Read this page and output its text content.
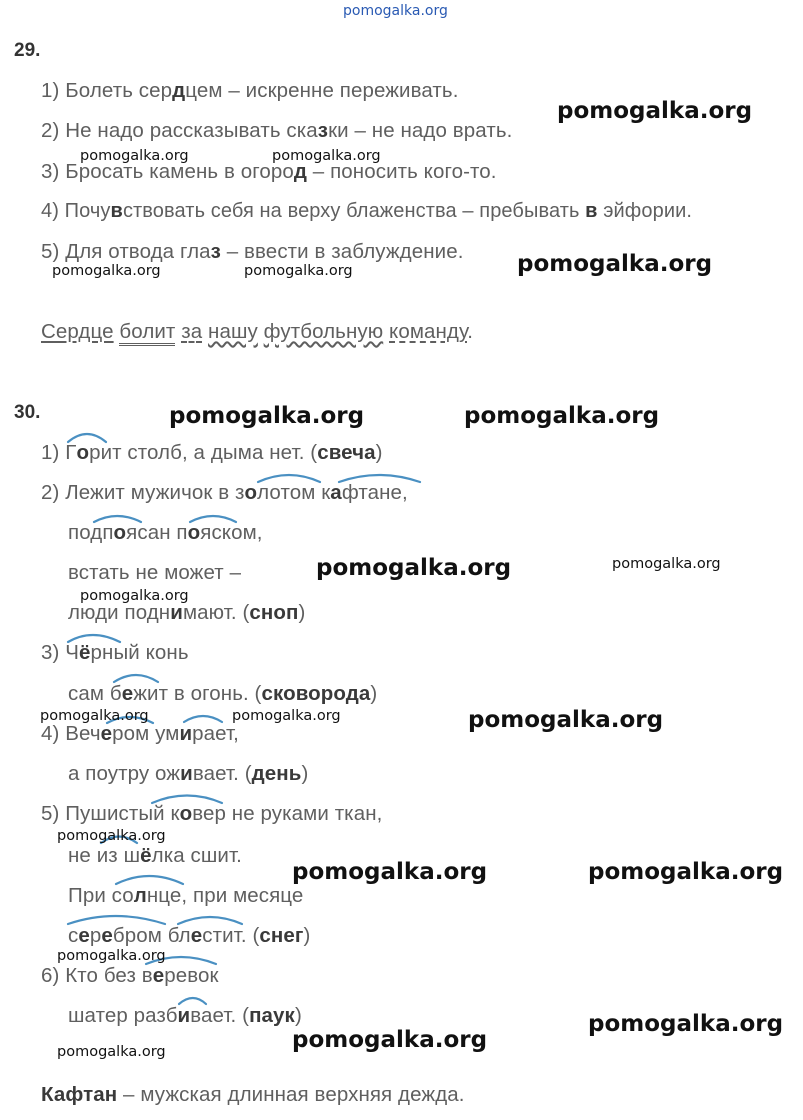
pomogalka.org
29.
1) Болеть сердцем – искренне переживать.
2) Не надо рассказывать сказки – не надо врать.
3) Бросать камень в огород – поносить кого-то.
4) Почувствовать себя на верху блаженства – пребывать в эйфории.
5) Для отвода глаз – ввести в заблуждение.
Сердце болит за нашу футбольную команду.
30.
1) Горит столб, а дыма нет. (свеча)
2) Лежит мужичок в золотом кафтане,
подпоясан пояском,
встать не может –
люди поднимают. (сноп)
3) Чёрный конь
сам бежит в огонь. (сковорода)
4) Вечером умирает,
а поутру оживает. (день)
5) Пушистый ковер не руками ткан,
не из шёлка сшит.
При солнце, при месяце
серебром блестит. (снег)
6) Кто без веревок
шатер разбивает. (паук)
Кафтан – мужская длинная верхняя дежда.
pomogalka.org
pomogalka.org	pomogalka.org
pomogalka.org
pomogalka.org	pomogalka.org
pomogalka.org	pomogalka.org
pomogalka.org	pomogalka.org
pomogalka.org
pomogalka.org	pomogalka.org	pomogalka.org
pomogalka.org
pomogalka.org	pomogalka.org
pomogalka.org
pomogalka.org
pomogalka.org
pomogalka.org
